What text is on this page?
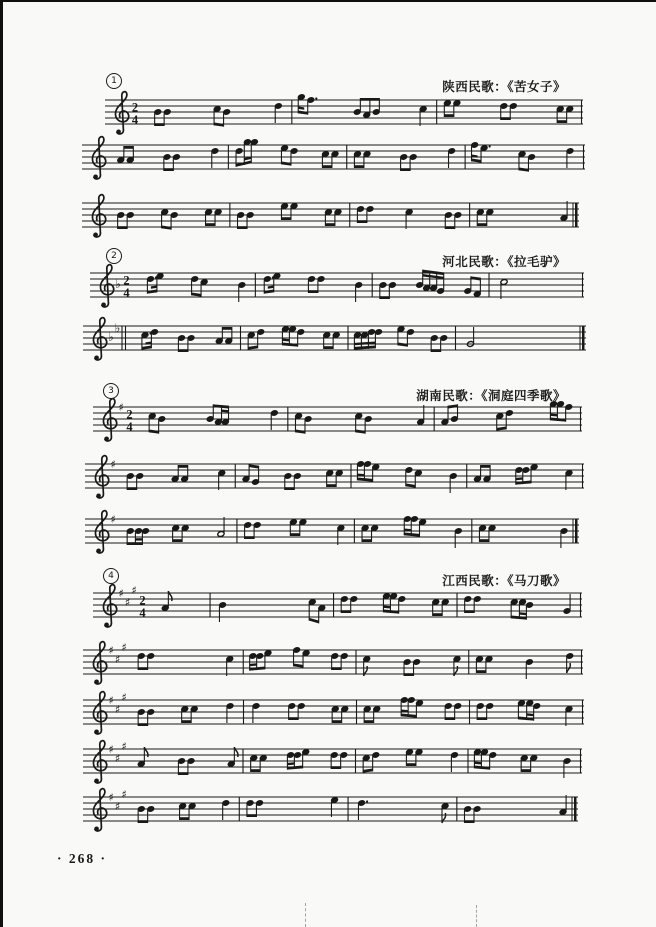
1	陕西民歌：《苦女子》
2
4
2	河北民歌：《拉毛驴》
♭ 2
4
♭
♭
3	湖南民歌：《洞庭四季歌》
♯
2
4
♯
♯
4	江西民歌：《马刀歌》
♯
♯
♯
2
4
♯
♯
♯
♯
♯
♯
♯
♯
♯
♯
♯
♯
· 268 ·
